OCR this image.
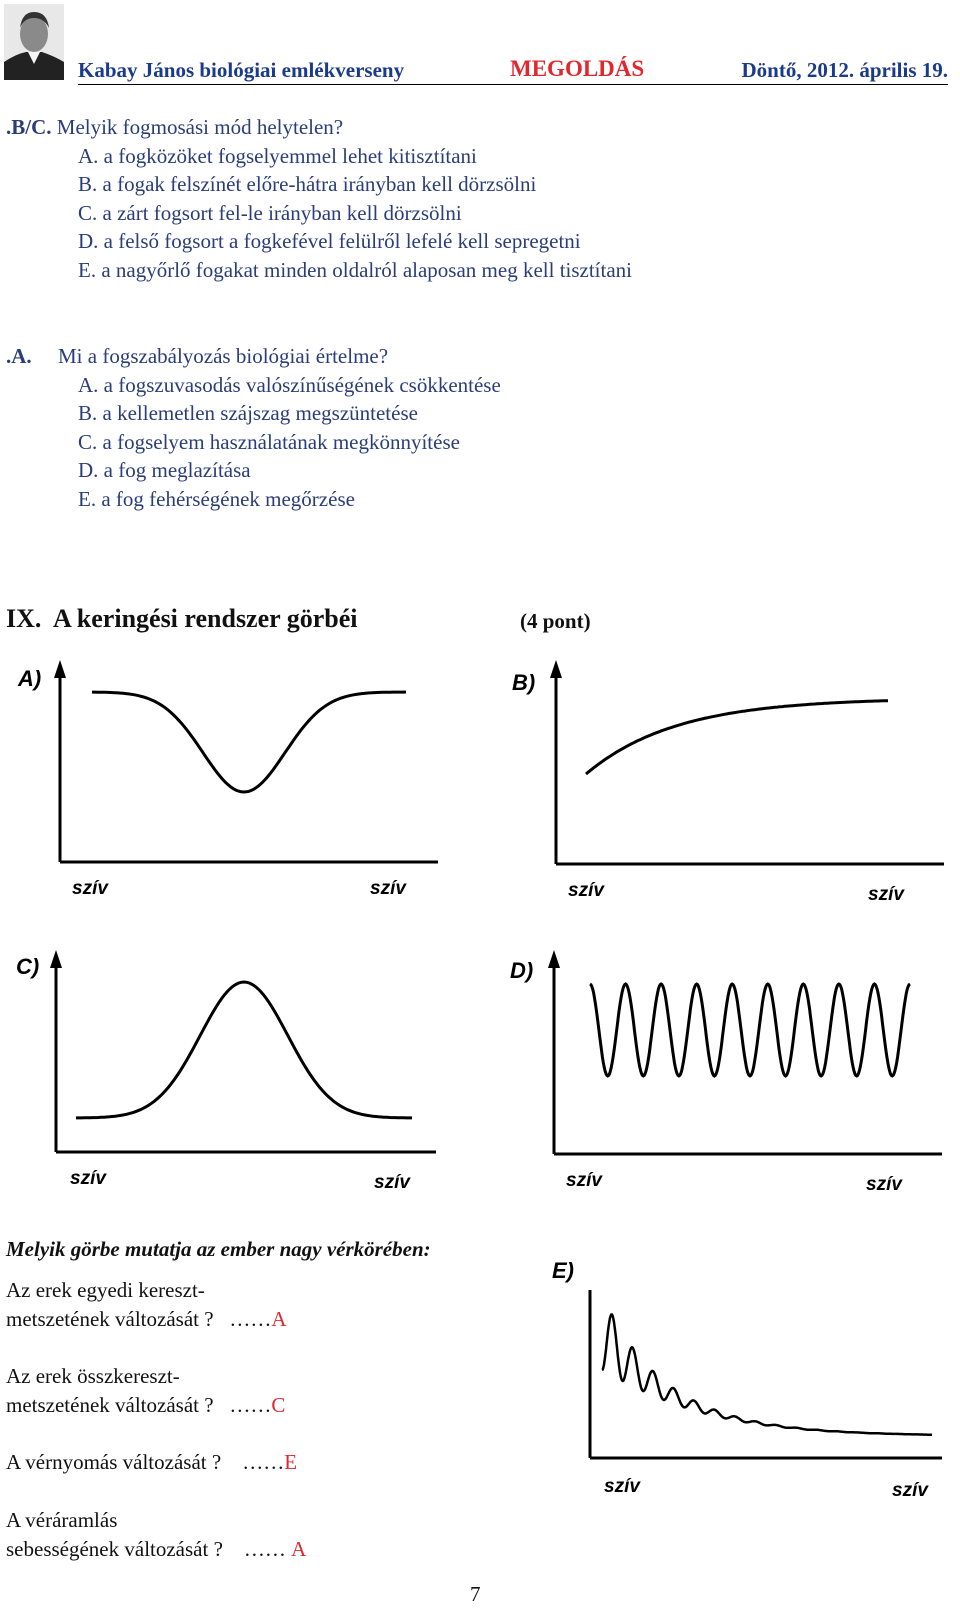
Kabay János biológiai emlékverseny	MEGOLDÁS	Döntő, 2012. április 19.
.B/C. Melyik fogmosási mód helytelen?
A. a fogközöket fogselyemmel lehet kitisztítani
B. a fogak felszínét előre-hátra irányban kell dörzsölni
C. a zárt fogsort fel-le irányban kell dörzsölni
D. a felső fogsort a fogkefével felülről lefelé kell sepregetni
E. a nagyőrlő fogakat minden oldalról alaposan meg kell tisztítani
.A. Mi a fogszabályozás biológiai értelme?
A. a fogszuvasodás valószínűségének csökkentése
B. a kellemetlen szájszag megszüntetése
C. a fogselyem használatának megkönnyítése
D. a fog meglazítása
E. a fog fehérségének megőrzése
IX.  A keringési rendszer görbéi	(4 pont)
A)
szív	szív
B)
szív	szív
C)
szív	szív
D)
szív	szív
Melyik görbe mutatja az ember nagy vérkörében:
Az erek egyedi kereszt-
metszetének változását ? ……A
Az erek összkereszt-
metszetének változását ? ……C
A vérnyomás változását ? ……E
A véráramlás
sebességének változását ? …… A
E)
szív	szív
7
